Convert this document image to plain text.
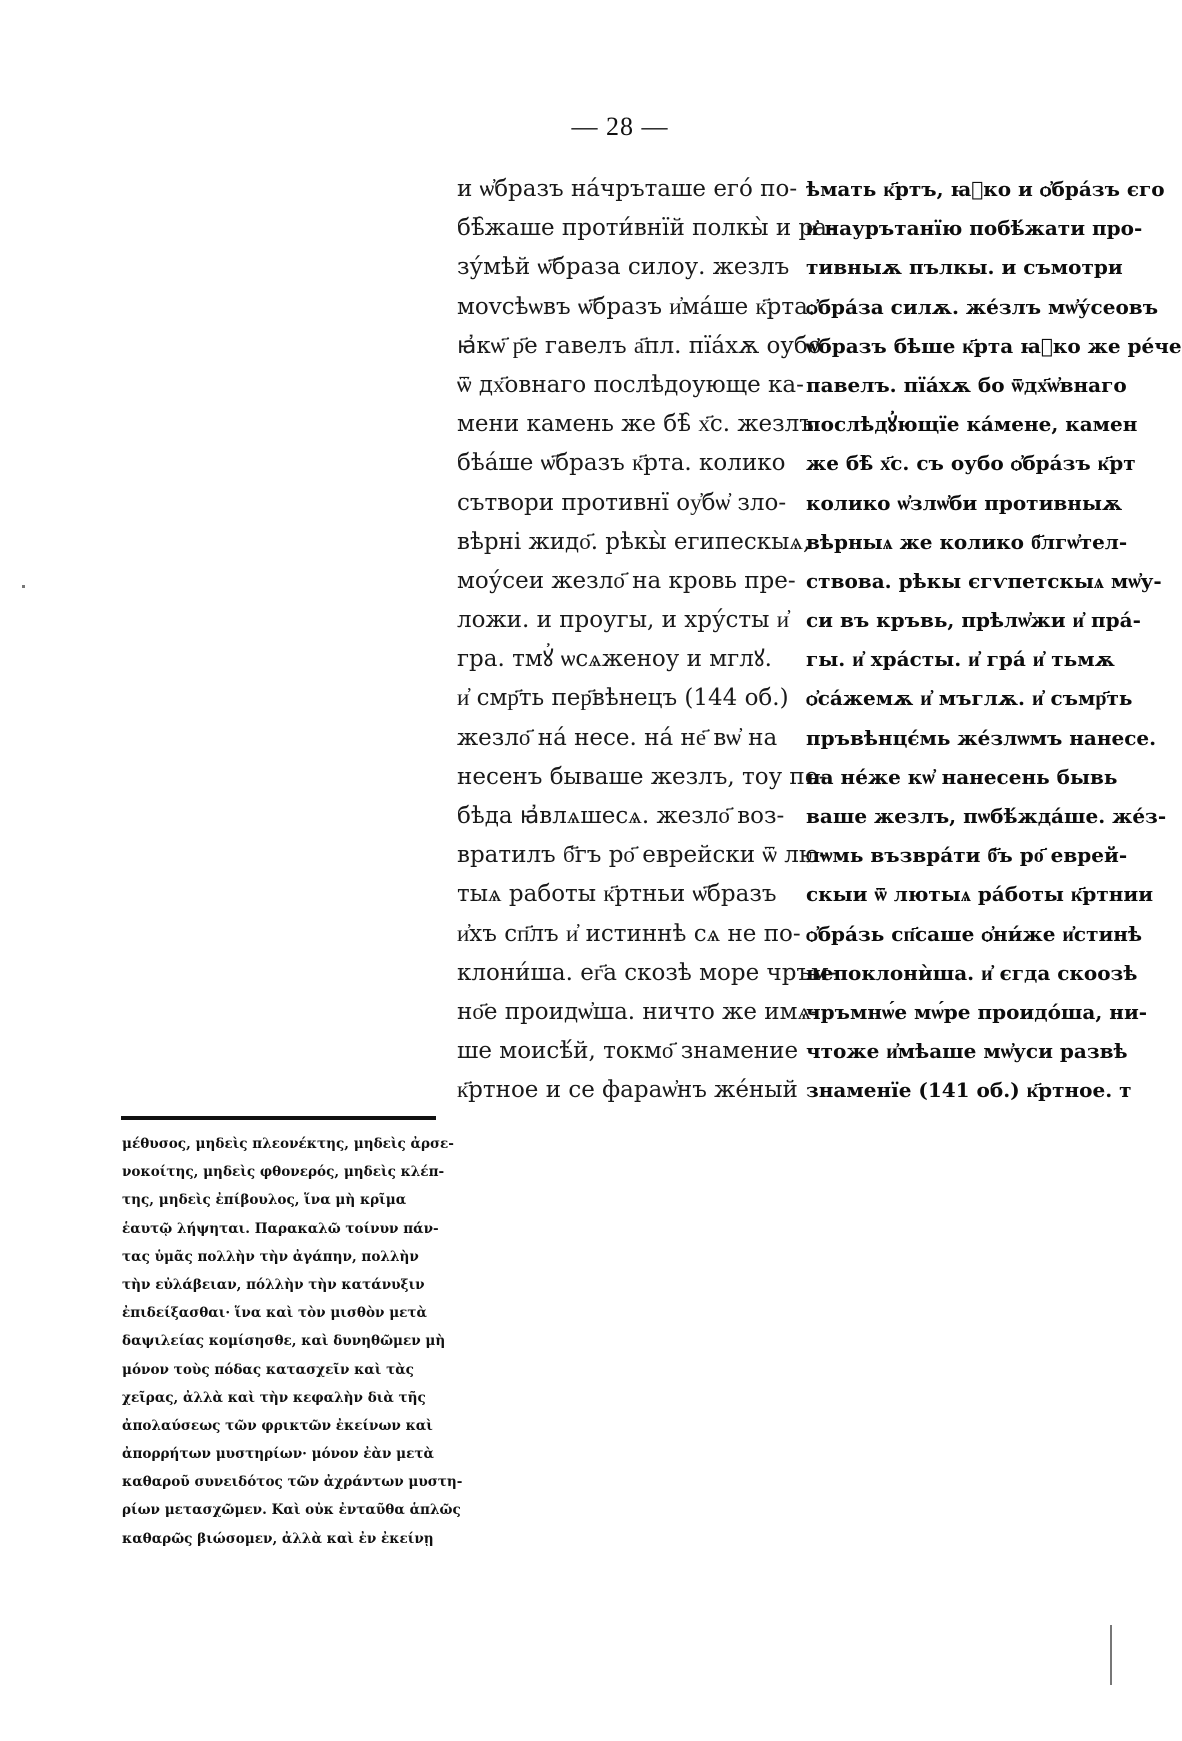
— 28 —
и ѡ҆бразъ на́чръташе его́ по-
бѣ̑жаше проти́внїй полкы̀ и ра-
зу́мѣй ѡ҃браза силоу. жезлъ
моvсѣѡвъ ѡ҃бразъ и҆ма́ше к҃рта.
ꙗ҆кѡ҃ р҃е гавелъ а҃пл. пїа́хѫ оубо
ѿ дх҃овнаго послѣдоующе ка-
мени камень же бѣ̑ х҃с. жезлъ
бѣа́ше ѡ҃бразъ к҃рта. колико
сътвори противнї оу҆бѡ҆ зло-
вѣрні жидо҃. рѣкы̀ египескыѧ,
моу́сеи жезло҃ на кровь пре-
ложи. и проугы, и хру́сты и҆
гра. тмꙋ҆ ѡсѧженоу и мглꙋ.
и҆ смр҃ть пер҃вѣнецъ (144 об.)
жезло҃ на́ несе. на́ не҃ вѡ҆ на
несенъ бываше жезлъ, тоу по-
бѣда ꙗ҆влѧшесѧ. жезло҃ воз-
вратилъ б҃гъ ро҃ еврейски ѿ лю-
тыѧ работы к҃ртньи ѡ҃бразъ
и҆хъ сп҃лъ и҆ истиннѣ сѧ не по-
клони́ша. ег҃а скозѣ море чръм-
но҃е проидѡ҆ша. ничто же имѧ-
ше моисѣ́й, токмо҃ знамение
к҃ртное и се фараѡ҆нъ же́ный
ѣмать к҃ртъ, ꙗ҆ко и ѻ҆бра́зъ єго
и҆ наурътанїю побѣ́жати про-
тивныѫ пълкы. и съмотри
ѻ҆бра́за силѫ. же́злъ мѡ҆у́сеовъ
ѡ҆бразъ бѣше к҃рта ꙗ҆ко же ре́че
павелъ. пїа́хѫ бо ѿдх҃ѡ҆внаго
послѣдꙋ҆ющїе ка́мене, камен
же бѣ̑ х҃с. съ оубо ѻ҆бра́зъ к҃рт
колико ѡ҆злѡ҆би противныѫ
вѣрныѧ же колико б҃лгѡ҆тел-
ствова. рѣкы єгѵпетскыѧ мѡ҆у-
си въ кръвь, прѣлѡ҆жи и҆ пра́-
гы. и҆ хра́сты. и҆ гра́ и҆ тьмѫ
ѻ҆са́жемѫ и҆ мъглѫ. и҆ съмр҃ть
пръвѣнцє́мь же́злѡмъ нанесе.
на не́же кѡ҆ нанесень бывь
ваше жезлъ, пѡбѣ́жда́ше. же́з-
лѡмь възвра́ти б҃ъ ро҃ еврей-
скыи ѿ лютыѧ ра́боты к҃ртнии
ѻ҆бра́зь сп҃саше ѻ҆ни́же и҆стинѣ
непоклонѝша. и҆ єгда скоозѣ
чръмнѡ́е мѡ́ре проидо́ша, ни-
чтоже и҆мѣаше мѡ҆уси развѣ
знаменїе (141 об.) к҃ртное. т
μέθυσος, μηδεὶς πλεονέκτης, μηδεὶς ἀρσε-
νοκοίτης, μηδεὶς φθονερός, μηδεὶς κλέπ-
της, μηδεὶς ἐπίβουλος, ἵνα μὴ κρῖμα
ἑαυτῷ λήψηται. Παρακαλῶ τοίνυν πάν-
τας ὑμᾶς πολλὴν τὴν ἀγάπην, πολλὴν
τὴν εὐλάβειαν, πόλλὴν τὴν κατάνυξιν
ἐπιδείξασθαι· ἵνα καὶ τὸν μισθὸν μετὰ
δαψιλείας κομίσησθε, καὶ δυνηθῶμεν μὴ
μόνον τοὺς πόδας κατασχεῖν καὶ τὰς
χεῖρας, ἀλλὰ καὶ τὴν κεφαλὴν διὰ τῆς
ἀπολαύσεως τῶν φρικτῶν ἐκείνων καὶ
ἀπορρήτων μυστηρίων· μόνον ἐὰν μετὰ
καθαροῦ συνειδότος τῶν ἀχράντων μυστη-
ρίων μετασχῶμεν. Καὶ οὐκ ἐνταῦθα ἁπλῶς
καθαρῶς βιώσομεν, ἀλλὰ καὶ ἐν ἐκείνῃ
